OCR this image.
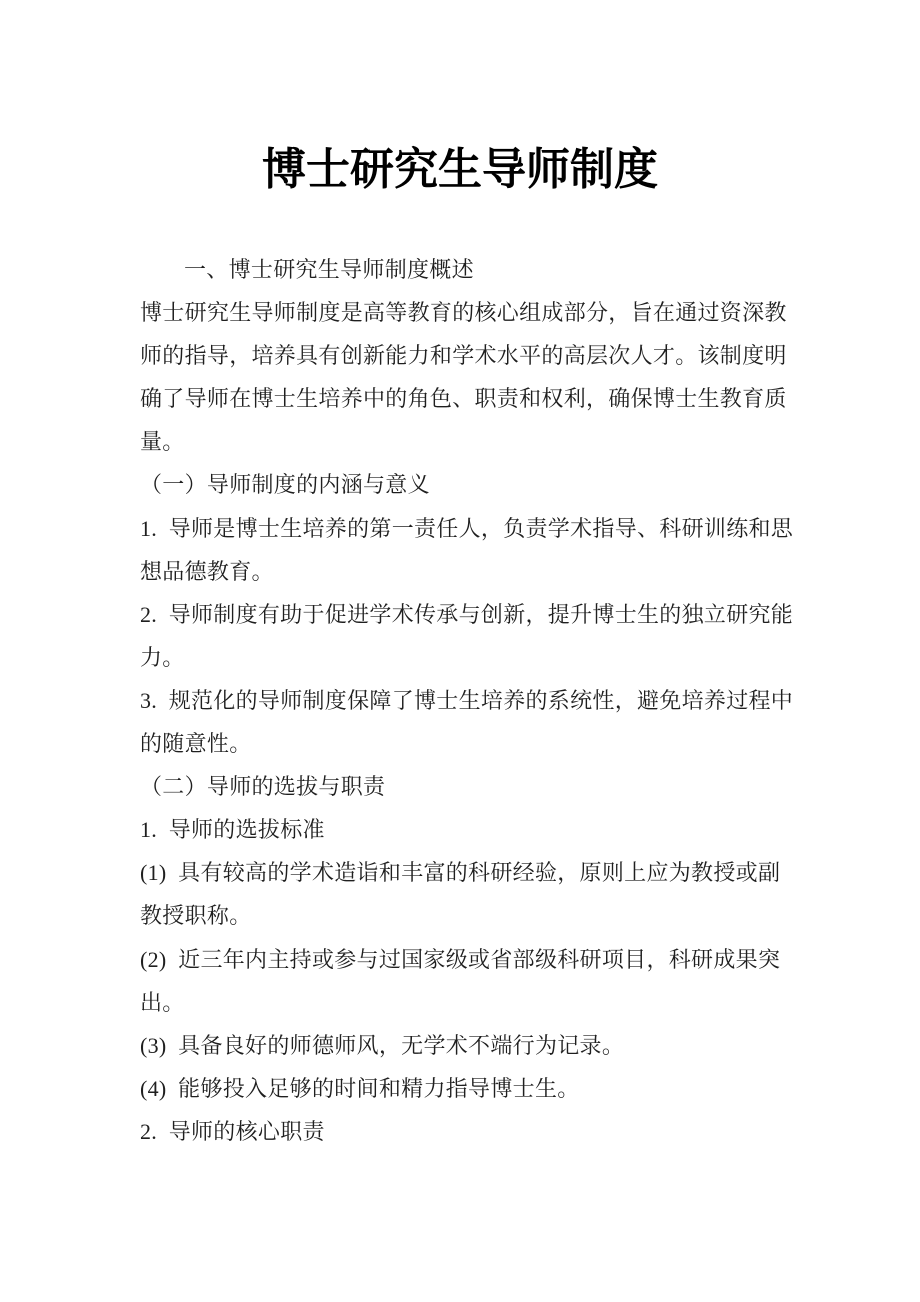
博士研究生导师制度
一、博士研究生导师制度概述
博士研究生导师制度是高等教育的核心组成部分，旨在通过资深教
师的指导，培养具有创新能力和学术水平的高层次人才。该制度明
确了导师在博士生培养中的角色、职责和权利，确保博士生教育质
量。
（一）导师制度的内涵与意义
1.  导师是博士生培养的第一责任人，负责学术指导、科研训练和思
想品德教育。
2.  导师制度有助于促进学术传承与创新，提升博士生的独立研究能
力。
3.  规范化的导师制度保障了博士生培养的系统性，避免培养过程中
的随意性。
（二）导师的选拔与职责
1.  导师的选拔标准
(1)  具有较高的学术造诣和丰富的科研经验，原则上应为教授或副
教授职称。
(2)  近三年内主持或参与过国家级或省部级科研项目，科研成果突
出。
(3)  具备良好的师德师风，无学术不端行为记录。
(4)  能够投入足够的时间和精力指导博士生。
2.  导师的核心职责
